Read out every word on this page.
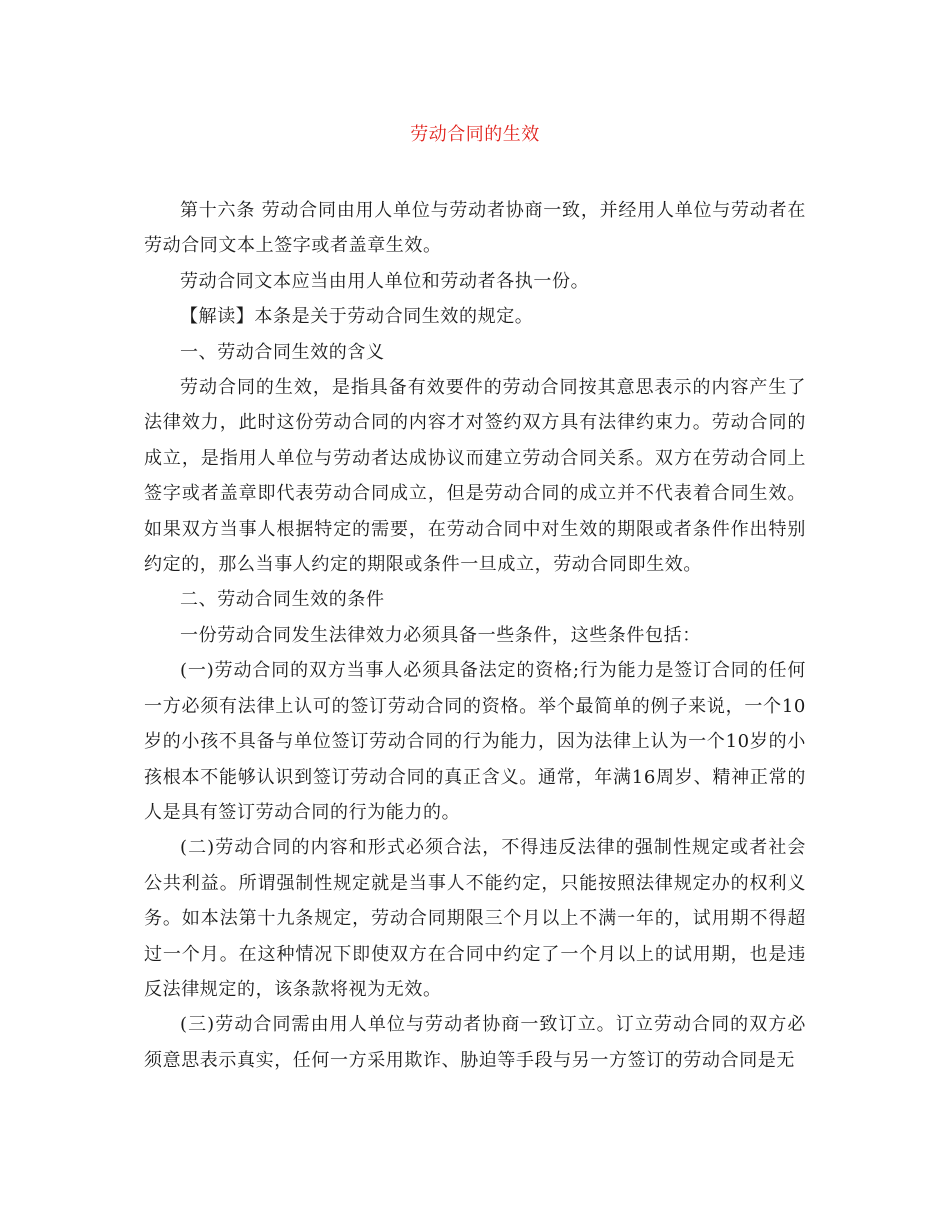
劳动合同的生效

第十六条 劳动合同由用人单位与劳动者协商一致，并经用人单位与劳动者在劳动合同文本上签字或者盖章生效。

劳动合同文本应当由用人单位和劳动者各执一份。

【解读】本条是关于劳动合同生效的规定。

一、劳动合同生效的含义

劳动合同的生效，是指具备有效要件的劳动合同按其意思表示的内容产生了法律效力，此时这份劳动合同的内容才对签约双方具有法律约束力。劳动合同的成立，是指用人单位与劳动者达成协议而建立劳动合同关系。双方在劳动合同上签字或者盖章即代表劳动合同成立，但是劳动合同的成立并不代表着合同生效。如果双方当事人根据特定的需要，在劳动合同中对生效的期限或者条件作出特别约定的，那么当事人约定的期限或条件一旦成立，劳动合同即生效。

二、劳动合同生效的条件

一份劳动合同发生法律效力必须具备一些条件，这些条件包括：

(一)劳动合同的双方当事人必须具备法定的资格;行为能力是签订合同的任何一方必须有法律上认可的签订劳动合同的资格。举个最简单的例子来说，一个10岁的小孩不具备与单位签订劳动合同的行为能力，因为法律上认为一个10岁的小孩根本不能够认识到签订劳动合同的真正含义。通常，年满16周岁、精神正常的人是具有签订劳动合同的行为能力的。

(二)劳动合同的内容和形式必须合法，不得违反法律的强制性规定或者社会公共利益。所谓强制性规定就是当事人不能约定，只能按照法律规定办的权利义务。如本法第十九条规定，劳动合同期限三个月以上不满一年的，试用期不得超过一个月。在这种情况下即使双方在合同中约定了一个月以上的试用期，也是违反法律规定的，该条款将视为无效。

(三)劳动合同需由用人单位与劳动者协商一致订立。订立劳动合同的双方必须意思表示真实，任何一方采用欺诈、胁迫等手段与另一方签订的劳动合同是无
